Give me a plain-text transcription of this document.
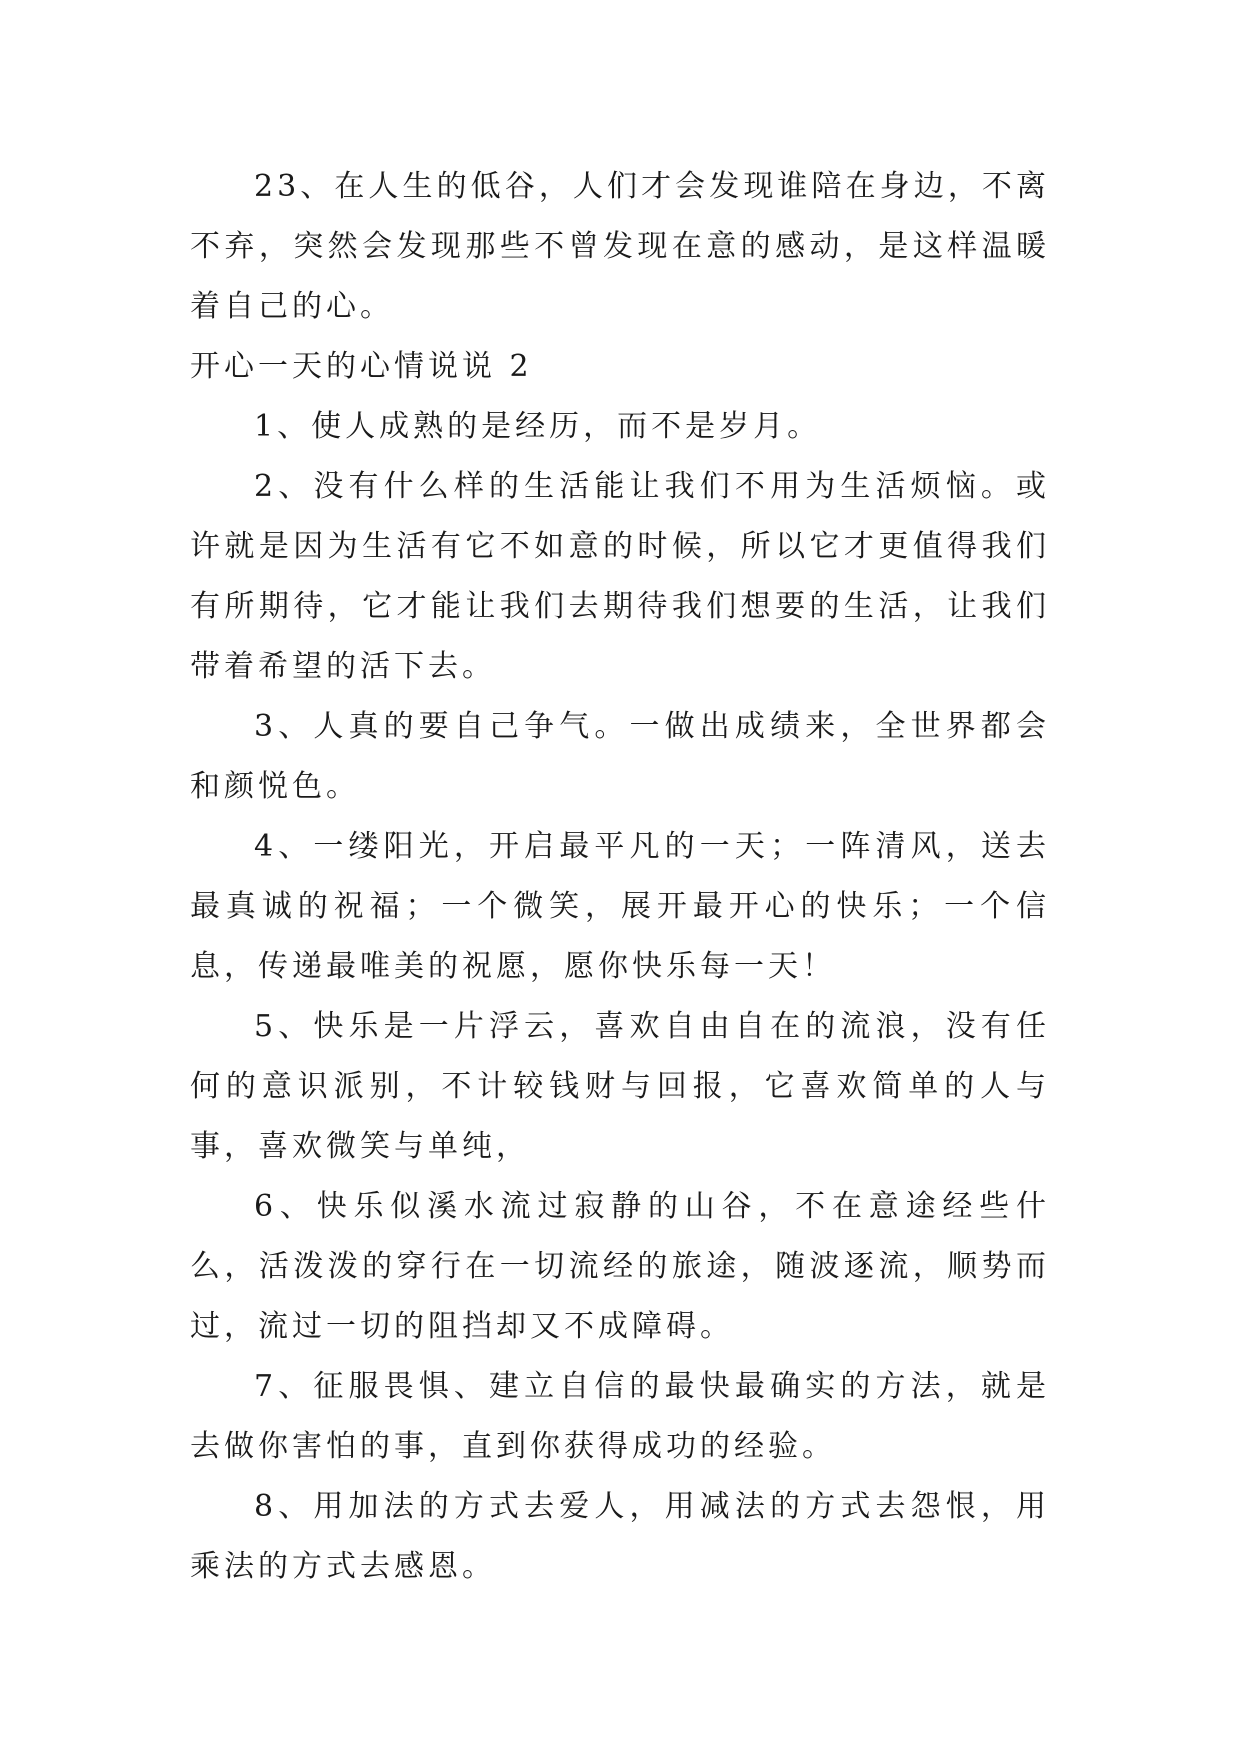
23、在人生的低谷，人们才会发现谁陪在身边，不离不弃，突然会发现那些不曾发现在意的感动，是这样温暖着自己的心。

开心一天的心情说说 2

1、使人成熟的是经历，而不是岁月。

2、没有什么样的生活能让我们不用为生活烦恼。或许就是因为生活有它不如意的时候，所以它才更值得我们有所期待，它才能让我们去期待我们想要的生活，让我们带着希望的活下去。

3、人真的要自己争气。一做出成绩来，全世界都会和颜悦色。

4、一缕阳光，开启最平凡的一天；一阵清风，送去最真诚的祝福；一个微笑，展开最开心的快乐；一个信息，传递最唯美的祝愿，愿你快乐每一天！

5、快乐是一片浮云，喜欢自由自在的流浪，没有任何的意识派别，不计较钱财与回报，它喜欢简单的人与事，喜欢微笑与单纯，

6、快乐似溪水流过寂静的山谷，不在意途经些什么，活泼泼的穿行在一切流经的旅途，随波逐流，顺势而过，流过一切的阻挡却又不成障碍。

7、征服畏惧、建立自信的最快最确实的方法，就是去做你害怕的事，直到你获得成功的经验。

8、用加法的方式去爱人，用减法的方式去怨恨，用乘法的方式去感恩。
